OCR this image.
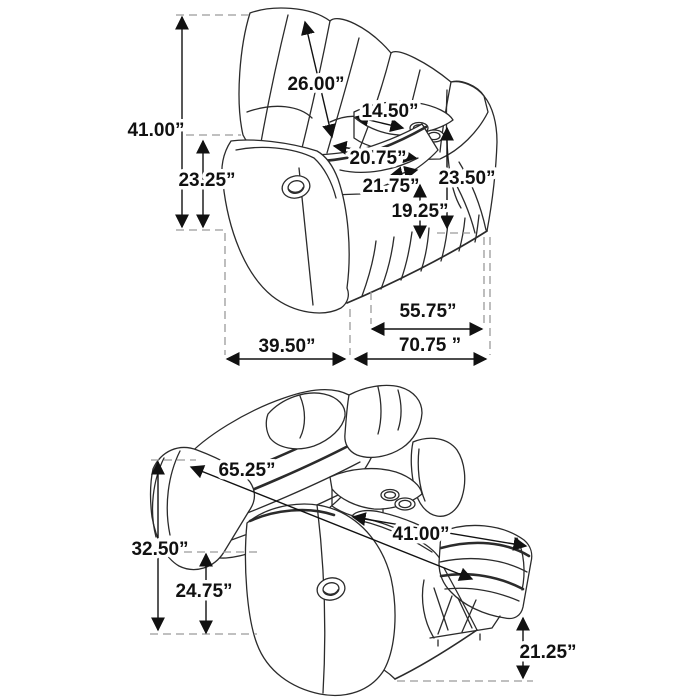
41.00”
23.25”
26.00”
14.50”
20.75”
21.75” 23.50”
19.25”
55.75”
39.50”	70.75 ”
32.50”
24.75”
65.25”
41.00”
21.25”
